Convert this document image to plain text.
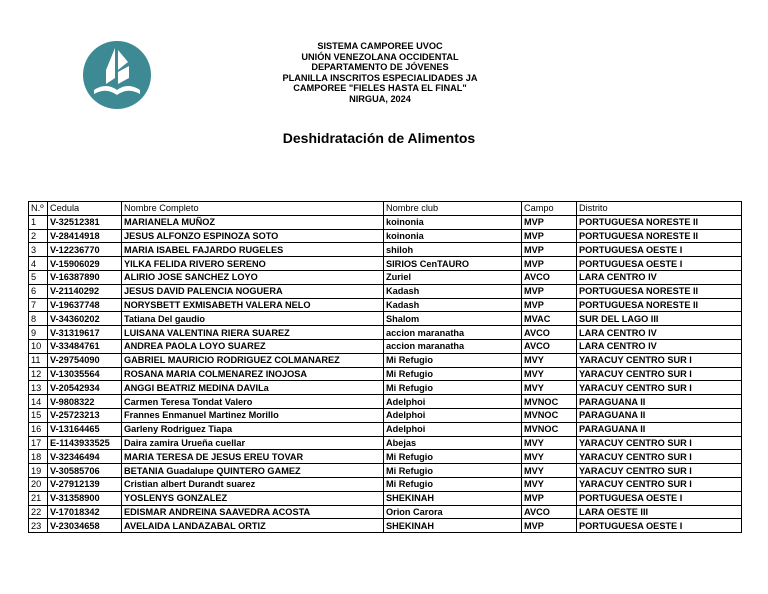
SISTEMA CAMPOREE UVOC
UNIÓN VENEZOLANA OCCIDENTAL
DEPARTAMENTO DE JÓVENES
PLANILLA INSCRITOS ESPECIALIDADES JA
CAMPOREE "FIELES HASTA EL FINAL"
NIRGUA, 2024
Deshidratación de Alimentos
N.º	Cedula	Nombre Completo	Nombre club	Campo	Distrito
1	V-32512381	MARIANELA MUÑOZ	koinonia	MVP	PORTUGUESA NORESTE II
2	V-28414918	JESUS ALFONZO ESPINOZA SOTO	koinonia	MVP	PORTUGUESA NORESTE II
3	V-12236770	MARIA ISABEL FAJARDO RUGELES	shiloh	MVP	PORTUGUESA OESTE I
4	V-15906029	YILKA FELIDA RIVERO SERENO	SIRIOS CenTAURO	MVP	PORTUGUESA OESTE I
5	V-16387890	ALIRIO JOSE SANCHEZ LOYO	Zuriel	AVCO	LARA CENTRO IV
6	V-21140292	JESUS DAVID PALENCIA NOGUERA	Kadash	MVP	PORTUGUESA NORESTE II
7	V-19637748	NORYSBETT EXMISABETH VALERA NELO	Kadash	MVP	PORTUGUESA NORESTE II
8	V-34360202	Tatiana Del gaudio	Shalom	MVAC	SUR DEL LAGO III
9	V-31319617	LUISANA VALENTINA RIERA SUAREZ	accion maranatha	AVCO	LARA CENTRO IV
10	V-33484761	ANDREA PAOLA LOYO SUAREZ	accion maranatha	AVCO	LARA CENTRO IV
11	V-29754090	GABRIEL MAURICIO RODRIGUEZ COLMANAREZ	Mi Refugio	MVY	YARACUY CENTRO SUR I
12	V-13035564	ROSANA MARIA COLMENAREZ INOJOSA	Mi Refugio	MVY	YARACUY CENTRO SUR I
13	V-20542934	ANGGI BEATRIZ MEDINA DAVILa	Mi Refugio	MVY	YARACUY CENTRO SUR I
14	V-9808322	Carmen Teresa Tondat Valero	Adelphoi	MVNOC	PARAGUANA II
15	V-25723213	Frannes Enmanuel Martinez Morillo	Adelphoi	MVNOC	PARAGUANA II
16	V-13164465	Garleny Rodriguez Tiapa	Adelphoi	MVNOC	PARAGUANA II
17	E-1143933525	Daira zamira Urueña cuellar	Abejas	MVY	YARACUY CENTRO SUR I
18	V-32346494	MARIA TERESA DE JESUS EREU TOVAR	Mi Refugio	MVY	YARACUY CENTRO SUR I
19	V-30585706	BETANIA Guadalupe QUINTERO GAMEZ	Mi Refugio	MVY	YARACUY CENTRO SUR I
20	V-27912139	Cristian albert Durandt suarez	Mi Refugio	MVY	YARACUY CENTRO SUR I
21	V-31358900	YOSLENYS GONZALEZ	SHEKINAH	MVP	PORTUGUESA OESTE I
22	V-17018342	EDISMAR ANDREINA SAAVEDRA ACOSTA	Orion Carora	AVCO	LARA OESTE III
23	V-23034658	AVELAIDA LANDAZABAL ORTIZ	SHEKINAH	MVP	PORTUGUESA OESTE I
